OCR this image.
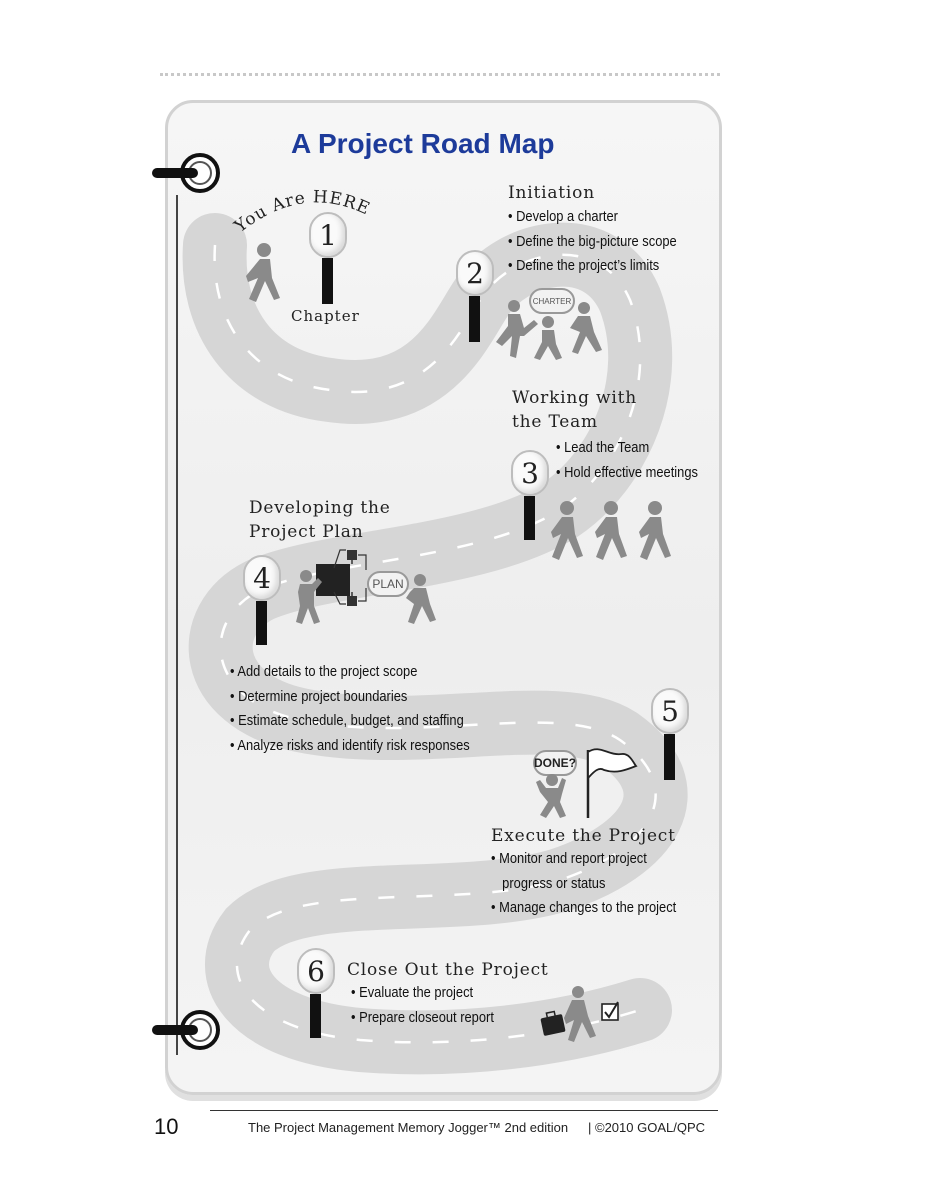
A Project Road Map
You Are HERE
1
Chapter
Initiation
• Develop a charter
• Define the big-picture scope
• Define the project’s limits
2
CHARTER
Working with
the Team
• Lead the Team
• Hold effective meetings
3
Developing the
Project Plan
4	PLAN
• Add details to the project scope
• Determine project boundaries
• Estimate schedule, budget, and staffing
• Analyze risks and identify risk responses
5
DONE?
Execute the Project
• Monitor and report project
progress or status
• Manage changes to the project
6 Close Out the Project
• Evaluate the project
• Prepare closeout report
10	The Project Management Memory Jogger™ 2nd edition | ©2010 GOAL/QPC
